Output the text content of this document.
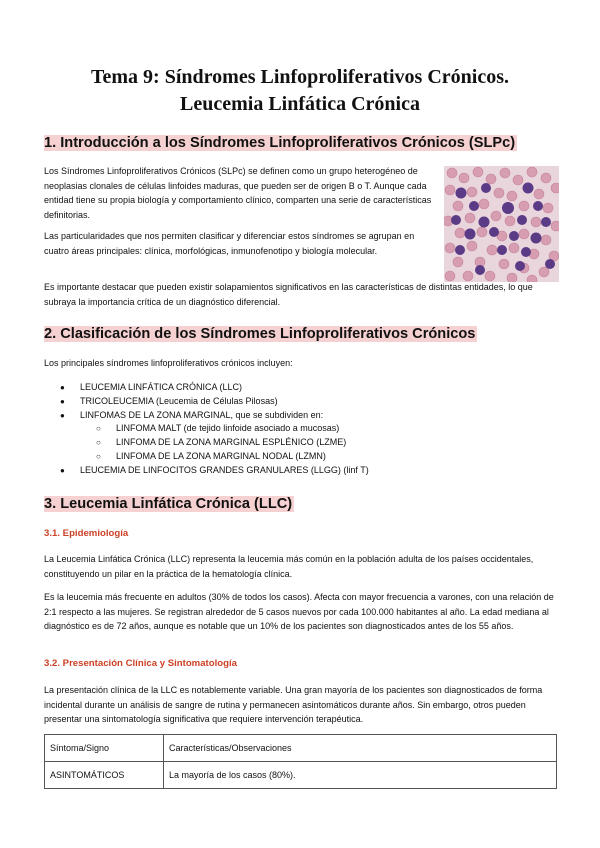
Tema 9: Síndromes Linfoproliferativos Crónicos.
Leucemia Linfática Crónica
1. Introducción a los Síndromes Linfoproliferativos Crónicos (SLPc)

Los Síndromes Linfoproliferativos Crónicos (SLPc) se definen como un grupo heterogéneo de neoplasias clonales de células linfoides maduras, que pueden ser de origen B o T. Aunque cada entidad tiene su propia biología y comportamiento clínico, comparten una serie de características definitorias.

Las particularidades que nos permiten clasificar y diferenciar estos síndromes se agrupan en cuatro áreas principales: clínica, morfológicas, inmunofenotipo y biología molecular.

Es importante destacar que pueden existir solapamientos significativos en las características de distintas entidades, lo que subraya la importancia crítica de un diagnóstico diferencial.

2. Clasificación de los Síndromes Linfoproliferativos Crónicos

Los principales síndromes linfoproliferativos crónicos incluyen:

● LEUCEMIA LINFÁTICA CRÓNICA (LLC)
● TRICOLEUCEMIA (Leucemia de Células Pilosas)
● LINFOMAS DE LA ZONA MARGINAL, que se subdividen en:
○ LINFOMA MALT (de tejido linfoide asociado a mucosas)
○ LINFOMA DE LA ZONA MARGINAL ESPLÉNICO (LZME)
○ LINFOMA DE LA ZONA MARGINAL NODAL (LZMN)
● LEUCEMIA DE LINFOCITOS GRANDES GRANULARES (LLGG) (linf T)
3. Leucemia Linfática Crónica (LLC)
3.1. Epidemiología

La Leucemia Linfática Crónica (LLC) representa la leucemia más común en la población adulta de los países occidentales, constituyendo un pilar en la práctica de la hematología clínica.

Es la leucemia más frecuente en adultos (30% de todos los casos). Afecta con mayor frecuencia a varones, con una relación de 2:1 respecto a las mujeres. Se registran alrededor de 5 casos nuevos por cada 100.000 habitantes al año. La edad mediana al diagnóstico es de 72 años, aunque es notable que un 10% de los pacientes son diagnosticados antes de los 55 años.

3.2. Presentación Clínica y Sintomatología

La presentación clínica de la LLC es notablemente variable. Una gran mayoría de los pacientes son diagnosticados de forma incidental durante un análisis de sangre de rutina y permanecen asintomáticos durante años. Sin embargo, otros pueden presentar una sintomatología significativa que requiere intervención terapéutica.

Síntoma/Signo	Características/Observaciones
ASINTOMÁTICOS	La mayoría de los casos (80%).
